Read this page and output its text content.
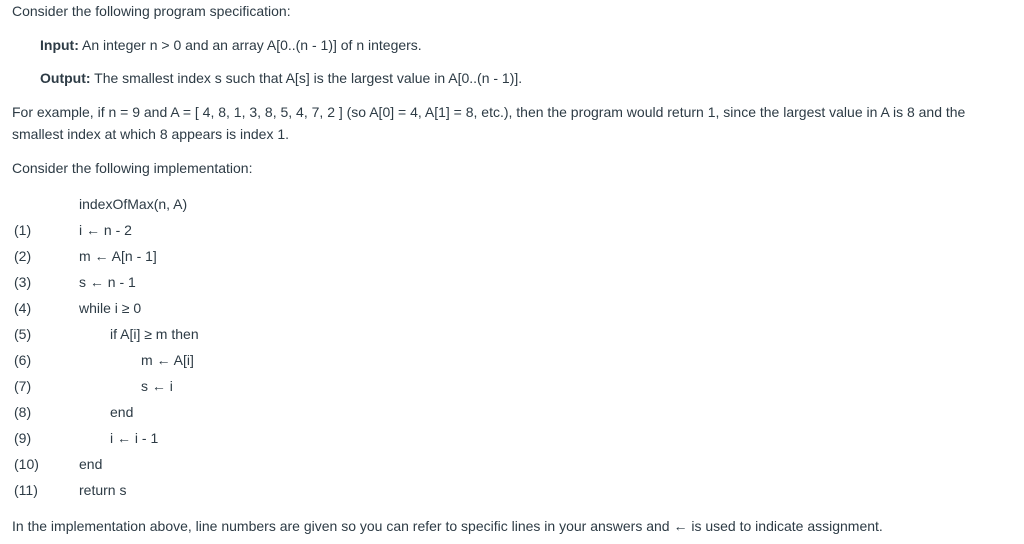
Consider the following program specification:
Input: An integer n > 0 and an array A[0..(n - 1)] of n integers.
Output: The smallest index s such that A[s] is the largest value in A[0..(n - 1)].
For example, if n = 9 and A = [ 4, 8, 1, 3, 8, 5, 4, 7, 2 ] (so A[0] = 4, A[1] = 8, etc.), then the program would return 1, since the largest value in A is 8 and the smallest index at which 8 appears is index 1.
Consider the following implementation:
indexOfMax(n, A)
(1)	i ← n - 2
(2)	m ← A[n - 1]
(3)	s ← n - 1
(4)	while i ≥ 0
(5)	if A[i] ≥ m then
(6)	m ← A[i]
(7)	s ← i
(8)	end
(9)	i ← i - 1
(10)	end
(11)	return s
In the implementation above, line numbers are given so you can refer to specific lines in your answers and ← is used to indicate assignment.
